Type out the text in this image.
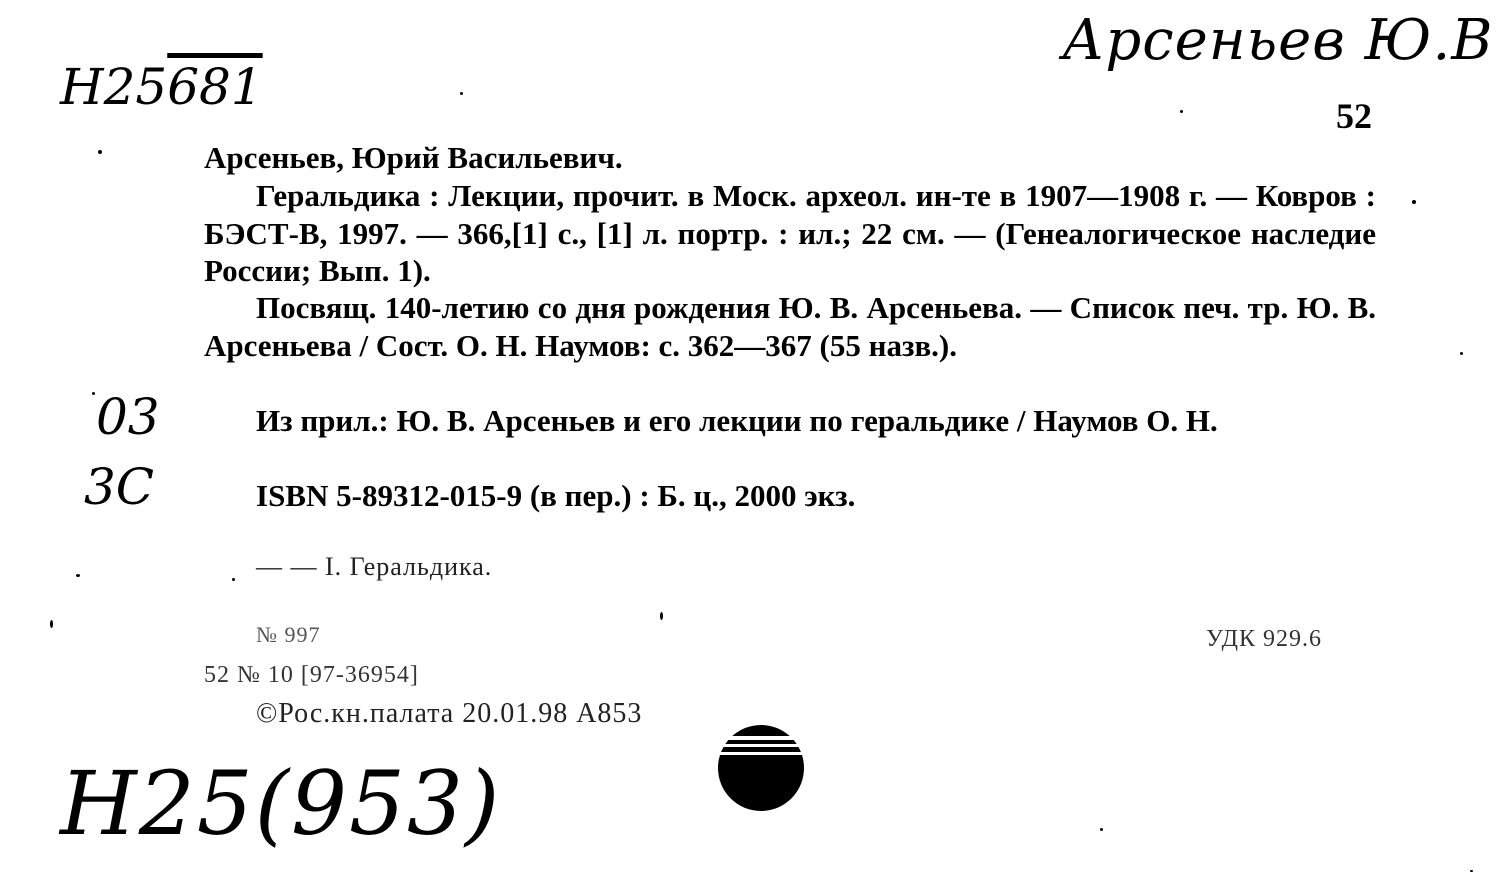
Арсеньев Ю.В
Н25681	52
Арсеньев, Юрий Васильевич.

Геральдика : Лекции, прочит. в Моск. археол. ин-те в 1907—1908 г. — Ковров : БЭСТ-В, 1997. — 366,[1] с., [1] л. портр. : ил.; 22 см. — (Генеалогическое наследие России; Вып. 1).

Посвящ. 140-летию со дня рождения Ю. В. Арсеньева. — Список печ. тр. Ю. В. Арсеньева / Сост. О. Н. Наумов: с. 362—367 (55 назв.).

Из прил.: Ю. В. Арсеньев и его лекции по геральдике / Наумов О. Н.

ISBN 5-89312-015-9 (в пер.) : Б. ц., 2000 экз.

03
3С
— — I. Геральдика.
№ 997	УДК 929.6
52 № 10 [97-36954]
©Рос.кн.палата 20.01.98 А853
Н25(953)
